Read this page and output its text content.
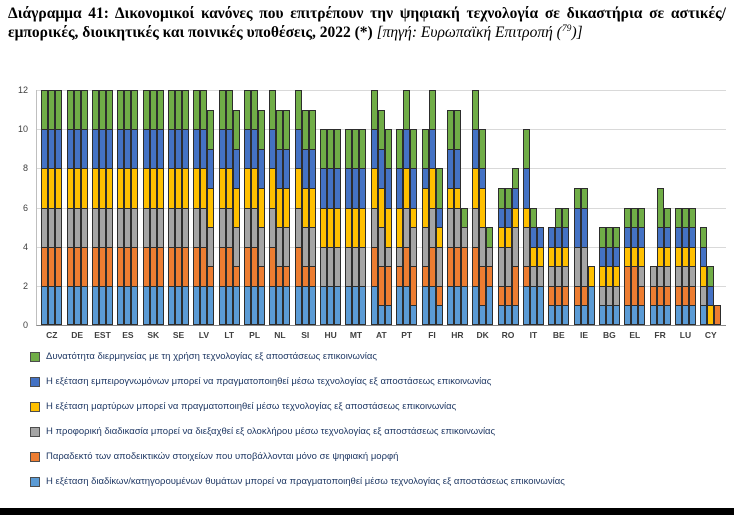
Διάγραμμα 41: Δικονομικοί κανόνες που επιτρέπουν την ψηφιακή τεχνολογία σε δικαστήρια σε αστικές/εμπορικές, διοικητικές και ποινικές υποθέσεις, 2022 (*) [πηγή: Ευρωπαϊκή Επιτροπή ($^{79}$)]
0
2
4
6
8
10
12
CZ DE EST ES SK SE LV LT PL NL SI HU MT AT PT FI HR DK RO IT BE IE BG EL FR LU CY
Δυνατότητα διερμηνείας με τη χρήση τεχνολογίας εξ αποστάσεως επικοινωνίας
Η εξέταση εμπειρογνωμόνων μπορεί να πραγματοποιηθεί μέσω τεχνολογίας εξ αποστάσεως επικοινωνίας
Η εξέταση μαρτύρων μπορεί να πραγματοποιηθεί μέσω τεχνολογίας εξ αποστάσεως επικοινωνίας
Η προφορική διαδικασία μπορεί να διεξαχθεί εξ ολοκλήρου μέσω τεχνολογίας εξ αποστάσεως επικοινωνίας
Παραδεκτό των αποδεικτικών στοιχείων που υποβάλλονται μόνο σε ψηφιακή μορφή
Η εξέταση διαδίκων/κατηγορουμένων θυμάτων μπορεί να πραγματοποιηθεί μέσω τεχνολογίας εξ αποστάσεως επικοινωνίας
